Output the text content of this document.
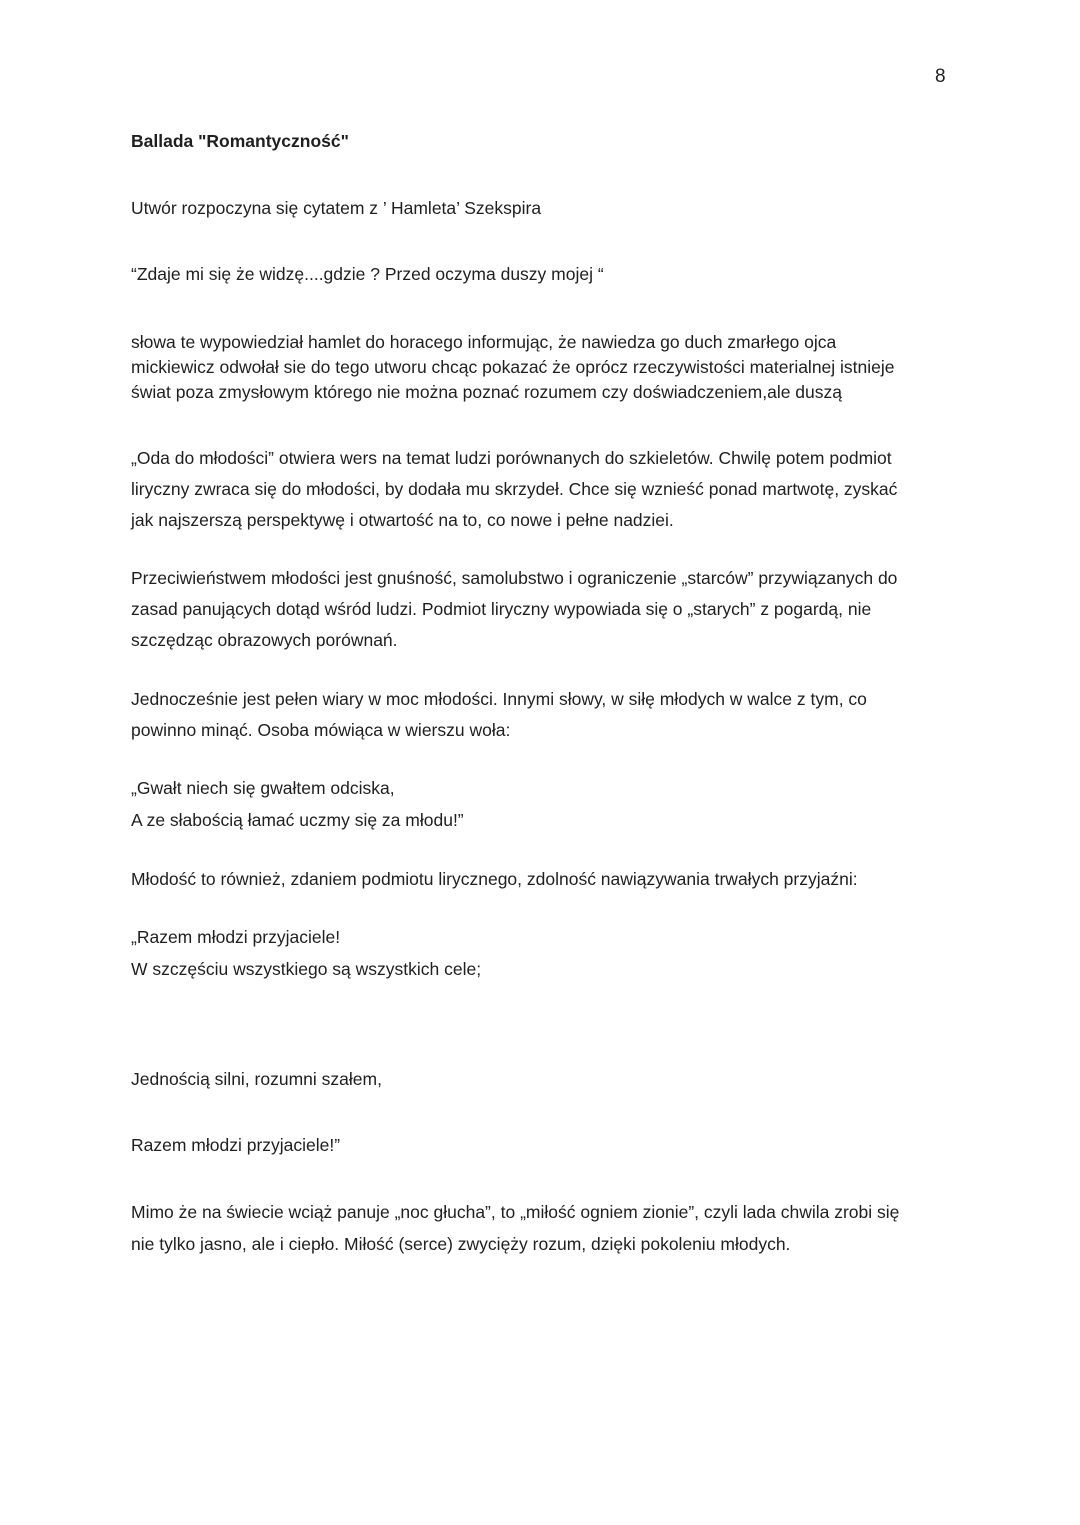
8
Ballada "Romantyczność"
Utwór rozpoczyna się cytatem z ’ Hamleta’ Szekspira
“Zdaje mi się że widzę....gdzie ? Przed oczyma duszy mojej “

słowa te wypowiedział hamlet do horacego informując, że nawiedza go duch zmarłego ojca

mickiewicz odwołał sie do tego utworu chcąc pokazać że oprócz rzeczywistości materialnej istnieje

świat poza zmysłowym którego nie można poznać rozumem czy doświadczeniem,ale duszą

„Oda do młodości” otwiera wers na temat ludzi porównanych do szkieletów. Chwilę potem podmiot

liryczny zwraca się do młodości, by dodała mu skrzydeł. Chce się wznieść ponad martwotę, zyskać

jak najszerszą perspektywę i otwartość na to, co nowe i pełne nadziei.

Przeciwieństwem młodości jest gnuśność, samolubstwo i ograniczenie „starców” przywiązanych do

zasad panujących dotąd wśród ludzi. Podmiot liryczny wypowiada się o „starych” z pogardą, nie

szczędząc obrazowych porównań.

Jednocześnie jest pełen wiary w moc młodości. Innymi słowy, w siłę młodych w walce z tym, co

powinno minąć. Osoba mówiąca w wierszu woła:

„Gwałt niech się gwałtem odciska,

A ze słabością łamać uczmy się za młodu!”

Młodość to również, zdaniem podmiotu lirycznego, zdolność nawiązywania trwałych przyjaźni:

„Razem młodzi przyjaciele!

W szczęściu wszystkiego są wszystkich cele;

Jednością silni, rozumni szałem,
Razem młodzi przyjaciele!”

Mimo że na świecie wciąż panuje „noc głucha”, to „miłość ogniem zionie”, czyli lada chwila zrobi się

nie tylko jasno, ale i ciepło. Miłość (serce) zwycięży rozum, dzięki pokoleniu młodych.
